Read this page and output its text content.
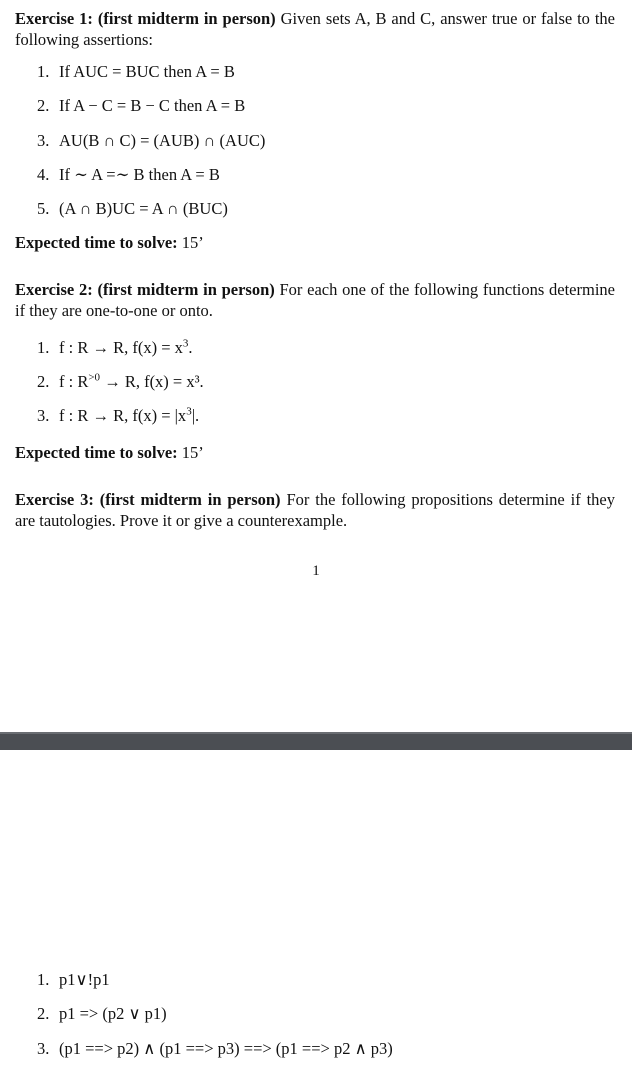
Exercise 1: (first midterm in person) Given sets A, B and C, answer true or false to the following assertions:
1. If AUC = BUC then A = B
2. If A − C = B − C then A = B
3. AU(B ∩ C) = (AUB) ∩ (AUC)
4. If ∼ A =∼ B then A = B
5. (A ∩ B)UC = A ∩ (BUC)
Expected time to solve: 15’
Exercise 2: (first midterm in person) For each one of the following functions determine if they are one-to-one or onto.
1. f : R → R, $f(x) = x^3$.
2. f : $R^{>0} \to R$, f(x) = x³.
3. f : R → R, $f(x) = |x^3|$.
Expected time to solve: 15’
Exercise 3: (first midterm in person) For the following propositions determine if they are tautologies. Prove it or give a counterexample.
1
1. p1∨!p1
2. p1 => (p2 ∨ p1)
3. (p1 ==> p2) ∧ (p1 ==> p3) ==> (p1 ==> p2 ∧ p3)
